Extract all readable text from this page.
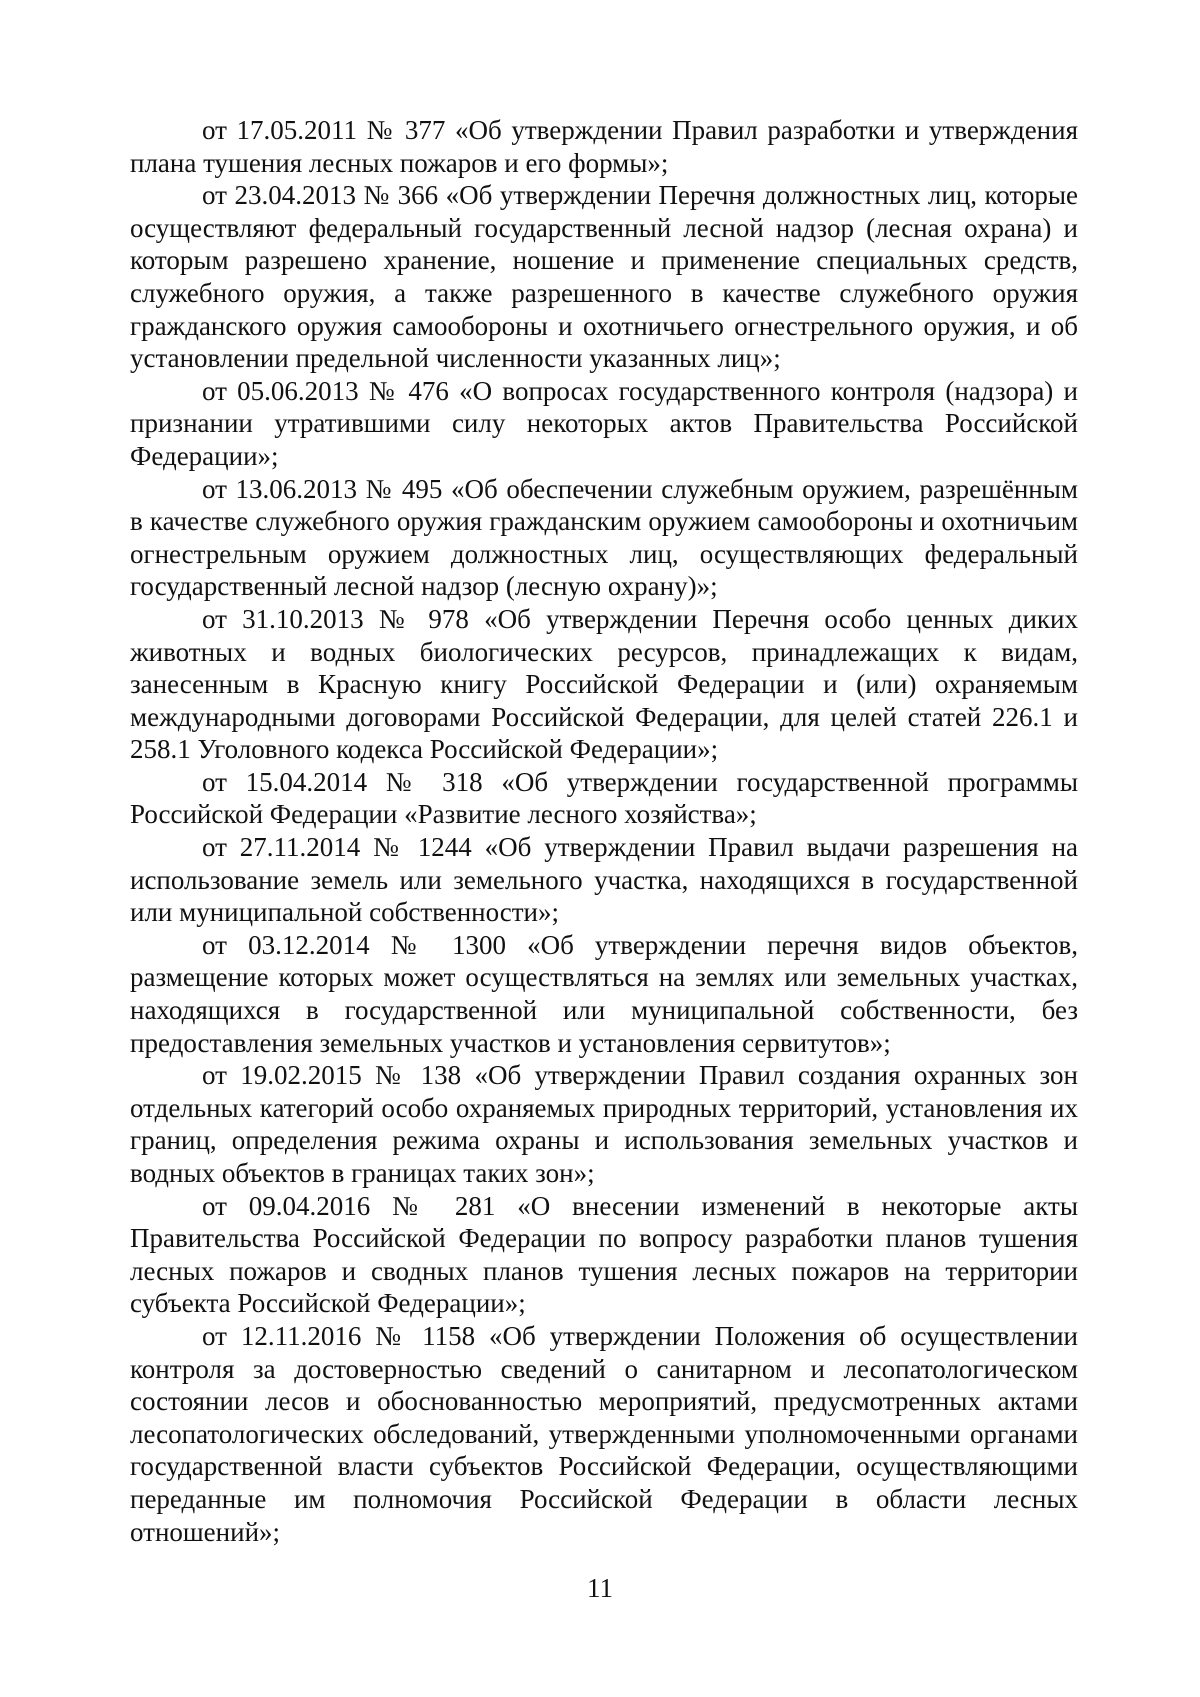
от 17.05.2011 № 377 «Об утверждении Правил разработки и утверждения плана тушения лесных пожаров и его формы»;

от 23.04.2013 № 366 «Об утверждении Перечня должностных лиц, которые осуществляют федеральный государственный лесной надзор (лесная охрана) и которым разрешено хранение, ношение и применение специальных средств, служебного оружия, а также разрешенного в качестве служебного оружия гражданского оружия самообороны и охотничьего огнестрельного оружия, и об установлении предельной численности указанных лиц»;

от 05.06.2013 № 476 «О вопросах государственного контроля (надзора) и признании утратившими силу некоторых актов Правительства Российской Федерации»;

от 13.06.2013 № 495 «Об обеспечении служебным оружием, разрешённым в качестве служебного оружия гражданским оружием самообороны и охотничьим огнестрельным оружием должностных лиц, осуществляющих федеральный государственный лесной надзор (лесную охрану)»;

от 31.10.2013 № 978 «Об утверждении Перечня особо ценных диких животных и водных биологических ресурсов, принадлежащих к видам, занесенным в Красную книгу Российской Федерации и (или) охраняемым международными договорами Российской Федерации, для целей статей 226.1 и 258.1 Уголовного кодекса Российской Федерации»;

от 15.04.2014 № 318 «Об утверждении государственной программы Российской Федерации «Развитие лесного хозяйства»;

от 27.11.2014 № 1244 «Об утверждении Правил выдачи разрешения на использование земель или земельного участка, находящихся в государственной или муниципальной собственности»;

от 03.12.2014 № 1300 «Об утверждении перечня видов объектов, размещение которых может осуществляться на землях или земельных участках, находящихся в государственной или муниципальной собственности, без предоставления земельных участков и установления сервитутов»;

от 19.02.2015 № 138 «Об утверждении Правил создания охранных зон отдельных категорий особо охраняемых природных территорий, установления их границ, определения режима охраны и использования земельных участков и водных объектов в границах таких зон»;

от 09.04.2016 № 281 «О внесении изменений в некоторые акты Правительства Российской Федерации по вопросу разработки планов тушения лесных пожаров и сводных планов тушения лесных пожаров на территории субъекта Российской Федерации»;

от 12.11.2016 № 1158 «Об утверждении Положения об осуществлении контроля за достоверностью сведений о санитарном и лесопатологическом состоянии лесов и обоснованностью мероприятий, предусмотренных актами лесопатологических обследований, утвержденными уполномоченными органами государственной власти субъектов Российской Федерации, осуществляющими переданные им полномочия Российской Федерации в области лесных отношений»;

11
